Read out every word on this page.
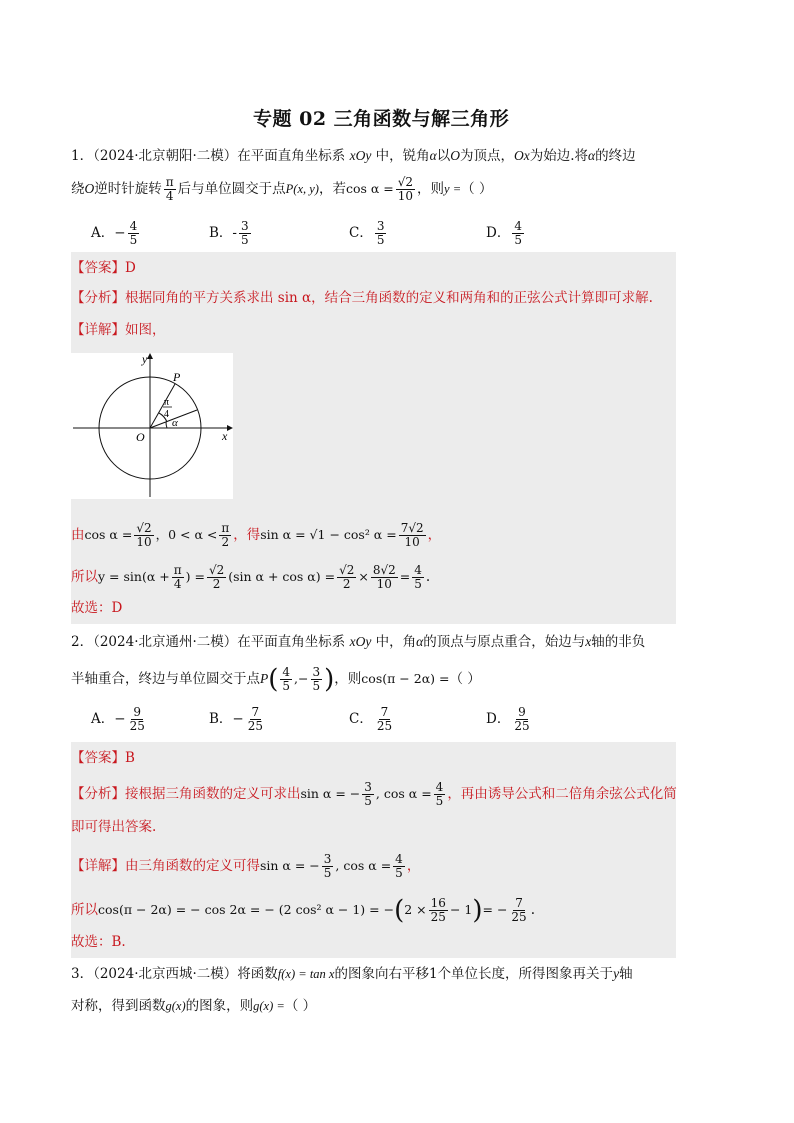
专题 02 三角函数与解三角形
1．（2024·北京朝阳·二模）在平面直角坐标系 xOy 中，锐角α以O为顶点，Ox为始边.将α的终边
绕O逆时针旋转 $\frac{\pi}{4}$ 后与单位圆交于点P(x, y)，若$\cos \alpha = \frac{√2}{10}$ ，则y =（ ）
A．− $\frac{4}{5}$	B．- $\frac{3}{5}$	C． $\frac{3}{5}$	D． $\frac{4}{5}$
【答案】D
【分析】根据同角的平方关系求出 sin α，结合三角函数的定义和两角和的正弦公式计算即可求解.
【详解】如图，
y
x
O
P
π
4
α
由$\cos \alpha = \frac{√2}{10}$ ，$0 < \alpha < \frac{\pi}{2}$ ，得sin α = √1 − cos² $\alpha = \frac{7√2}{10}$ ，
所以$y = \sin(\alpha + \frac{\pi}{4}$ ) = $\frac{√2}{2} (\sin$ $\alpha + \cos \alpha) = \frac{√2}{2} \times \frac{8√2}{10} = \frac{4}{5}$ .
故选：D
2．（2024·北京通州·二模）在平面直角坐标系 xOy 中，角α的顶点与原点重合，始边与x轴的非负
半轴重合，终边与单位圆交于点$P( \frac{4}{5}$ ,− $\frac{3}{5}$ )，则cos(π − 2α) =（ ）
A．− $\frac{9}{25}$	B．− $\frac{7}{25}$	C． $\frac{7}{25}$	D． $\frac{9}{25}$
【答案】B
【分析】接根据三角函数的定义可求出sin α = − $\frac{3}{5}$ , $\cos \alpha = \frac{4}{5}$ ，再由诱导公式和二倍角余弦公式化简
即可得出答案.
【详解】由三角函数的定义可得sin α = − $\frac{3}{5}$ , $\cos \alpha = \frac{4}{5}$ ，
所以cos(π − 2α) = − cos 2α = − (2 cos² $\alpha - 1) = -(2 \times \frac{16}{25} - 1)= - \frac{7}{25}$ .
故选：B.
3．（2024·北京西城·二模）将函数f(x) = tan x的图象向右平移1个单位长度，所得图象再关于y轴
对称，得到函数g(x)的图象，则g(x) =（ ）
